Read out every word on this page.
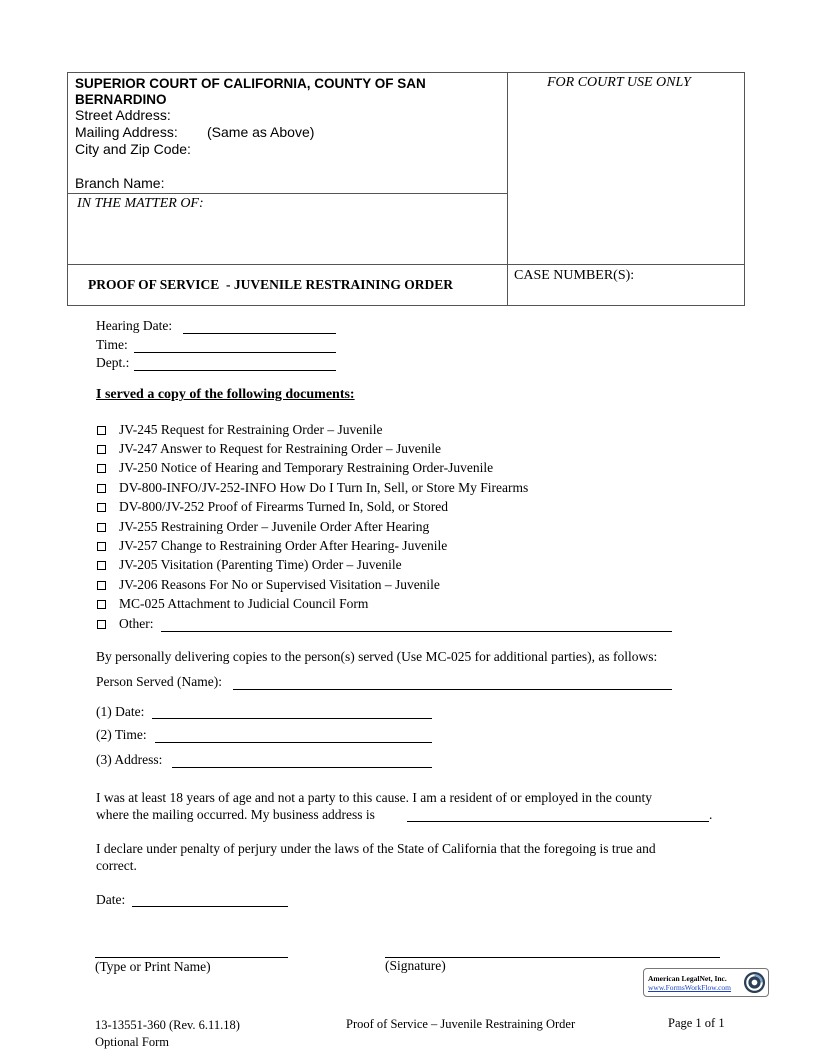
SUPERIOR COURT OF CALIFORNIA, COUNTY OF SAN BERNARDINO
Street Address:
Mailing Address: (Same as Above)
City and Zip Code:
Branch Name:
FOR COURT USE ONLY
IN THE MATTER OF:
PROOF OF SERVICE  - JUVENILE RESTRAINING ORDER
CASE NUMBER(S):
Hearing Date:
Time:
Dept.:
I served a copy of the following documents:
JV-245 Request for Restraining Order – Juvenile
JV-247 Answer to Request for Restraining Order – Juvenile
JV-250 Notice of Hearing and Temporary Restraining Order-Juvenile
DV-800-INFO/JV-252-INFO How Do I Turn In, Sell, or Store My Firearms
DV-800/JV-252 Proof of Firearms Turned In, Sold, or Stored
JV-255 Restraining Order – Juvenile Order After Hearing
JV-257 Change to Restraining Order After Hearing- Juvenile
JV-205 Visitation (Parenting Time) Order – Juvenile
JV-206 Reasons For No or Supervised Visitation – Juvenile
MC-025 Attachment to Judicial Council Form
Other:
By personally delivering copies to the person(s) served (Use MC-025 for additional parties), as follows:
Person Served (Name):
(1) Date:
(2) Time:
(3) Address:
I was at least 18 years of age and not a party to this cause. I am a resident of or employed in the county
where the mailing occurred. My business address is	.
I declare under penalty of perjury under the laws of the State of California that the foregoing is true and
correct.
Date:
(Type or Print Name)	(Signature)
American LegalNet, Inc.
www.FormsWorkFlow.com
13-13551-360 (Rev. 6.11.18)
Optional Form
Proof of Service – Juvenile Restraining Order	Page 1 of 1
